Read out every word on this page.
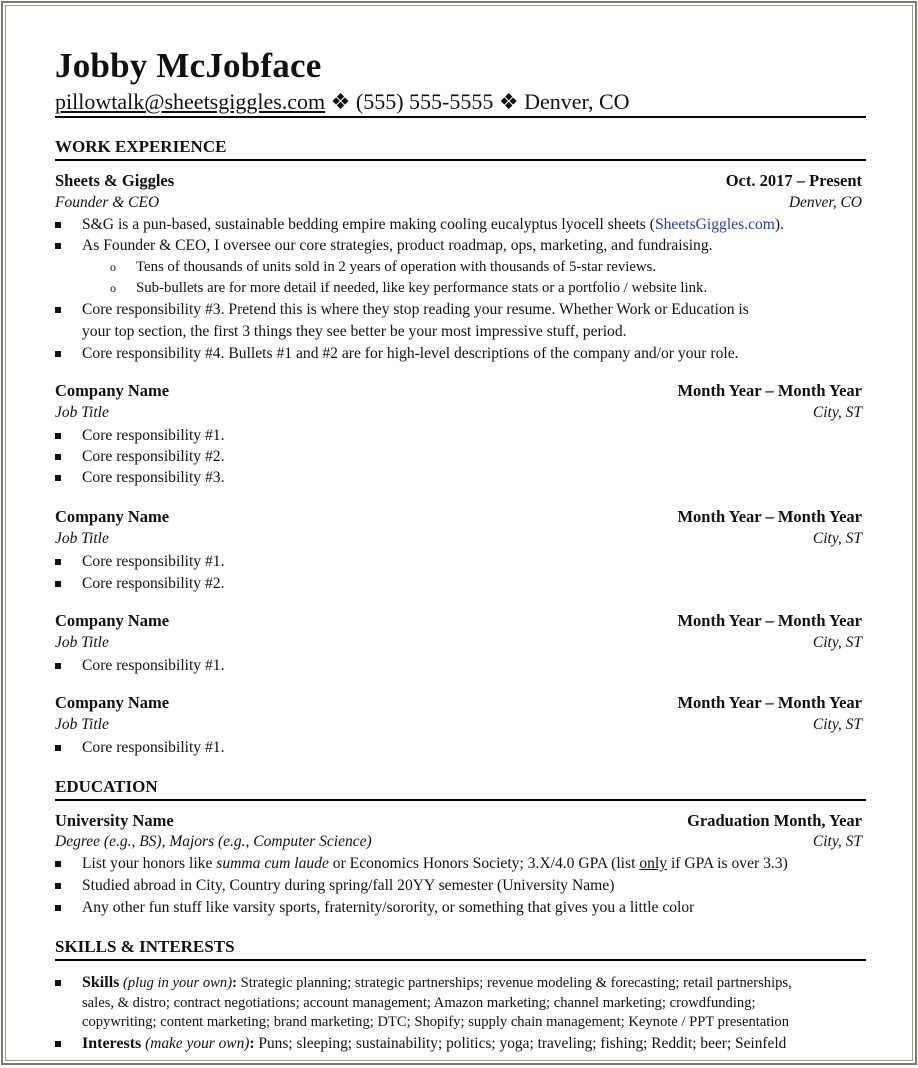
Jobby McJobface
pillowtalk@sheetsgiggles.com ❖ (555) 555-5555 ❖ Denver, CO
WORK EXPERIENCE
Sheets & Giggles	Oct. 2017 – Present
Founder & CEO	Denver, CO
S&G is a pun-based, sustainable bedding empire making cooling eucalyptus lyocell sheets (SheetsGiggles.com).
As Founder & CEO, I oversee our core strategies, product roadmap, ops, marketing, and fundraising.
o Tens of thousands of units sold in 2 years of operation with thousands of 5-star reviews.
o Sub-bullets are for more detail if needed, like key performance stats or a portfolio / website link.
Core responsibility #3. Pretend this is where they stop reading your resume. Whether Work or Education is
your top section, the first 3 things they see better be your most impressive stuff, period.
Core responsibility #4. Bullets #1 and #2 are for high-level descriptions of the company and/or your role.
Company Name	Month Year – Month Year
Job Title	City, ST
Core responsibility #1.
Core responsibility #2.
Core responsibility #3.
Company Name	Month Year – Month Year
Job Title	City, ST
Core responsibility #1.
Core responsibility #2.
Company Name	Month Year – Month Year
Job Title	City, ST
Core responsibility #1.
Company Name	Month Year – Month Year
Job Title	City, ST
Core responsibility #1.
EDUCATION
University Name	Graduation Month, Year
Degree (e.g., BS), Majors (e.g., Computer Science)	City, ST
List your honors like summa cum laude or Economics Honors Society; 3.X/4.0 GPA (list only if GPA is over 3.3)
Studied abroad in City, Country during spring/fall 20YY semester (University Name)
Any other fun stuff like varsity sports, fraternity/sorority, or something that gives you a little color
SKILLS & INTERESTS
Skills (plug in your own): Strategic planning; strategic partnerships; revenue modeling & forecasting; retail partnerships,
sales, & distro; contract negotiations; account management; Amazon marketing; channel marketing; crowdfunding;
copywriting; content marketing; brand marketing; DTC; Shopify; supply chain management; Keynote / PPT presentation
Interests (make your own): Puns; sleeping; sustainability; politics; yoga; traveling; fishing; Reddit; beer; Seinfeld
